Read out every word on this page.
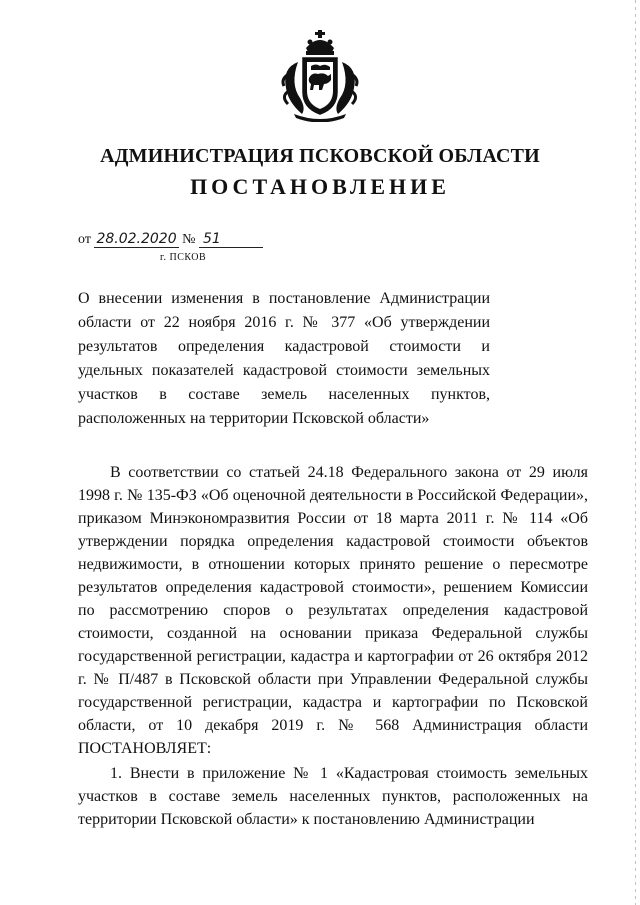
АДМИНИСТРАЦИЯ ПСКОВСКОЙ ОБЛАСТИ
ПОСТАНОВЛЕНИЕ
от 28.02.2020 № 51
г. ПСКОВ
О внесении изменения в постановление Администрации области от 22 ноября 2016 г. № 377 «Об утверждении результатов определения кадастровой стоимости и удельных показателей кадастровой стоимости земельных участков в составе земель населенных пунктов, расположенных на территории Псковской области»

В соответствии со статьей 24.18 Федерального закона от 29 июля 1998 г. № 135-ФЗ «Об оценочной деятельности в Российской Федерации», приказом Минэкономразвития России от 18 марта 2011 г. № 114 «Об утверждении порядка определения кадастровой стоимости объектов недвижимости, в отношении которых принято решение о пересмотре результатов определения кадастровой стоимости», решением Комиссии по рассмотрению споров о результатах определения кадастровой стоимости, созданной на основании приказа Федеральной службы государственной регистрации, кадастра и картографии от 26 октября 2012 г. № П/487 в Псковской области при Управлении Федеральной службы государственной регистрации, кадастра и картографии по Псковской области, от 10 декабря 2019 г. № 568 Администрация области ПОСТАНОВЛЯЕТ:

1. Внести в приложение № 1 «Кадастровая стоимость земельных участков в составе земель населенных пунктов, расположенных на территории Псковской области» к постановлению Администрации
